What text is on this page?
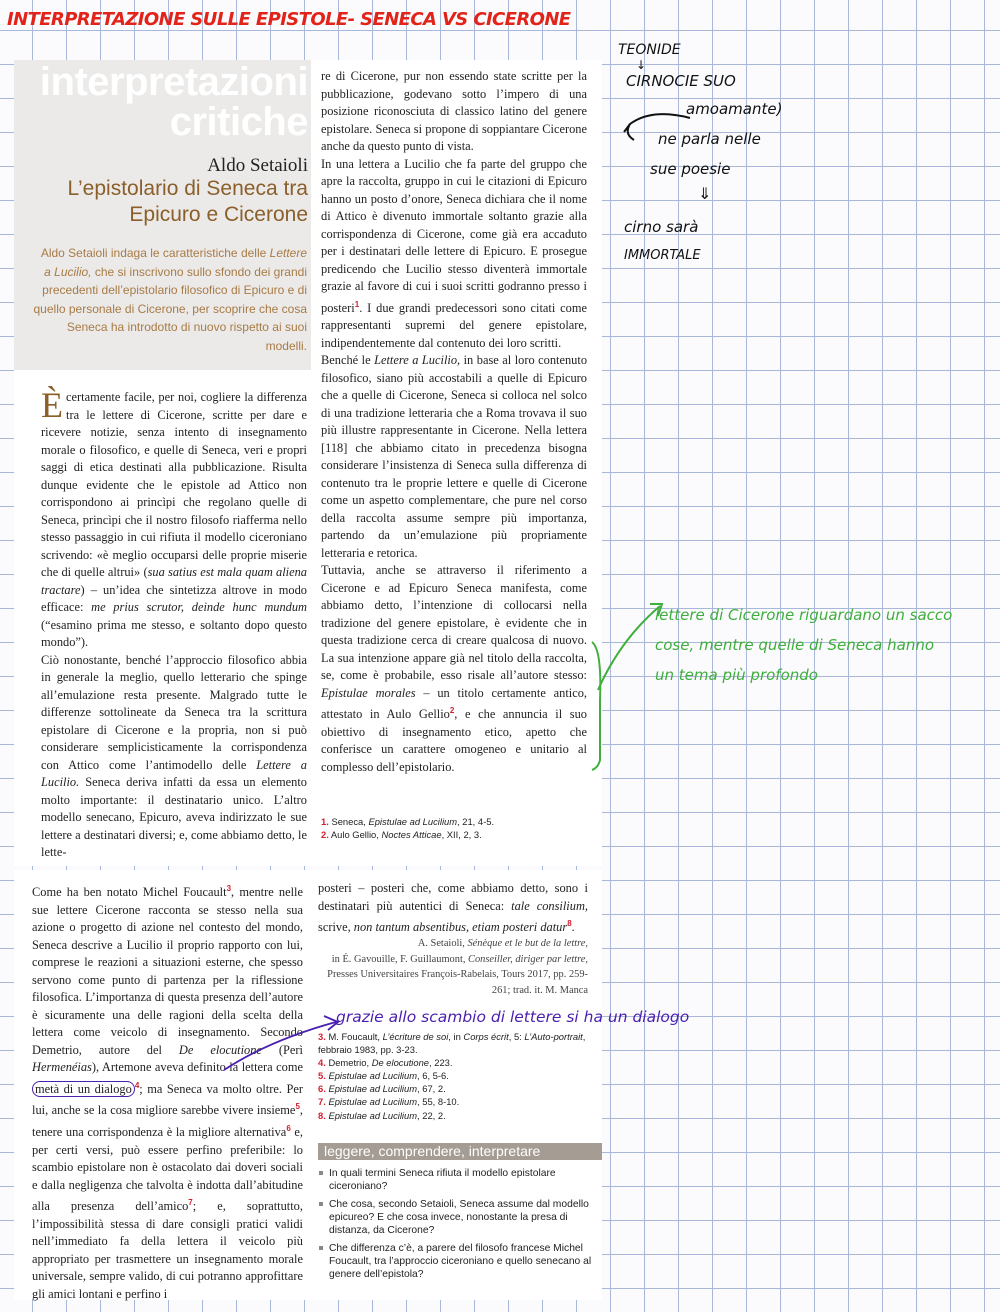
INTERPRETAZIONE SULLE EPISTOLE- SENECA VS CICERONE
interpretazioni
critiche
Aldo Setaioli
L’epistolario di Seneca tra
Epicuro e Cicerone
Aldo Setaioli indaga le caratteristiche delle Lettere a Lucilio, che si inscrivono sullo sfondo dei grandi precedenti dell’epistolario filosofico di Epicuro e di quello personale di Cicerone, per scoprire che cosa Seneca ha introdotto di nuovo rispetto ai suoi modelli.

Ècertamente facile, per noi, cogliere la differenza tra le lettere di Cicerone, scritte per dare e ricevere notizie, senza intento di insegnamento morale o filosofico, e quelle di Seneca, veri e propri saggi di etica destinati alla pubblicazione. Risulta dunque evidente che le epistole ad Attico non corrispondono ai princìpi che regolano quelle di Seneca, princìpi che il nostro filosofo riafferma nello stesso passaggio in cui rifiuta il modello ciceroniano scrivendo: «è meglio occuparsi delle proprie miserie che di quelle altrui» (sua satius est mala quam aliena tractare) – un’idea che sintetizza altrove in modo efficace: me prius scrutor, deinde hunc mundum (“esamino prima me stesso, e soltanto dopo questo mondo”).

Ciò nonostante, benché l’approccio filosofico abbia in generale la meglio, quello letterario che spinge all’emulazione resta presente. Malgrado tutte le differenze sottolineate da Seneca tra la scrittura epistolare di Cicerone e la propria, non si può considerare semplicisticamente la corrispondenza con Attico come l’antimodello delle Lettere a Lucilio. Seneca deriva infatti da essa un elemento molto importante: il destinatario unico. L’altro modello senecano, Epicuro, aveva indirizzato le sue lettere a destinatari diversi; e, come abbiamo detto, le lette-

re di Cicerone, pur non essendo state scritte per la pubblicazione, godevano sotto l’impero di una posizione riconosciuta di classico latino del genere epistolare. Seneca si propone di soppiantare Cicerone anche da questo punto di vista.

In una lettera a Lucilio che fa parte del gruppo che apre la raccolta, gruppo in cui le citazioni di Epicuro hanno un posto d’onore, Seneca dichiara che il nome di Attico è divenuto immortale soltanto grazie alla corrispondenza di Cicerone, come già era accaduto per i destinatari delle lettere di Epicuro. E prosegue predicendo che Lucilio stesso diventerà immortale grazie al favore di cui i suoi scritti godranno presso i posteri$^1$. I due grandi predecessori sono citati come rappresentanti supremi del genere epistolare, indipendentemente dal contenuto dei loro scritti.

Benché le Lettere a Lucilio, in base al loro contenuto filosofico, siano più accostabili a quelle di Epicuro che a quelle di Cicerone, Seneca si colloca nel solco di una tradizione letteraria che a Roma trovava il suo più illustre rappresentante in Cicerone. Nella lettera [118] che abbiamo citato in precedenza bisogna considerare l’insistenza di Seneca sulla differenza di contenuto tra le proprie lettere e quelle di Cicerone come un aspetto complementare, che pure nel corso della raccolta assume sempre più importanza, partendo da un’emulazione più propriamente letteraria e retorica.

Tuttavia, anche se attraverso il riferimento a Cicerone e ad Epicuro Seneca manifesta, come abbiamo detto, l’intenzione di collocarsi nella tradizione del genere epistolare, è evidente che in questa tradizione cerca di creare qualcosa di nuovo. La sua intenzione appare già nel titolo della raccolta, se, come è probabile, esso risale all’autore stesso: Epistulae morales – un titolo certamente antico, attestato in Aulo Gellio$^2$, e che annuncia il suo obiettivo di insegnamento etico, apetto che conferisce un carattere omogeneo e unitario al complesso dell’epistolario.

1. Seneca, Epistulae ad Lucilium, 21, 4-5.
2. Aulo Gellio, Noctes Atticae, XII, 2, 3.

Come ha ben notato Michel Foucault$^3$, mentre nelle sue lettere Cicerone racconta se stesso nella sua azione o progetto di azione nel contesto del mondo, Seneca descrive a Lucilio il proprio rapporto con lui, comprese le reazioni a situazioni esterne, che spesso servono come punto di partenza per la riflessione filosofica. L’importanza di questa presenza dell’autore è sicuramente una delle ragioni della scelta della lettera come veicolo di insegnamento. Secondo Demetrio, autore del De elocutione (Perì Hermenéias), Artemone aveva definito la lettera come metà di un dialogo $^4$; ma Seneca va molto oltre. Per lui, anche se la cosa migliore sarebbe vivere insieme$^5$, tenere una corrispondenza è la migliore alternativa$^6$ e, per certi versi, può essere perfino preferibile: lo scambio epistolare non è ostacolato dai doveri sociali e dalla negligenza che talvolta è indotta dall’abitudine alla presenza dell’amico$^7$; e, soprattutto, l’impossibilità stessa di dare consigli pratici validi nell’immediato fa della lettera il veicolo più appropriato per trasmettere un insegnamento morale universale, sempre valido, di cui potranno approfittare gli amici lontani e perfino i

posteri – posteri che, come abbiamo detto, sono i destinatari più autentici di Seneca: tale consilium, scrive, non tantum absentibus, etiam posteri datur$^8$.

A. Setaioli, Sénèque et le but de la lettre,
in É. Gavouille, F. Guillaumont, Conseiller, diriger par lettre, Presses Universitaires François-Rabelais, Tours 2017, pp. 259-261; trad. it. M. Manca
3. M. Foucault, L’écriture de soi, in Corps écrit, 5: L’Auto-portrait, febbraio 1983, pp. 3-23.
4. Demetrio, De elocutione, 223.
5. Epistulae ad Lucilium, 6, 5-6.
6. Epistulae ad Lucilium, 67, 2.
7. Epistulae ad Lucilium, 55, 8-10.
8. Epistulae ad Lucilium, 22, 2.
leggere, comprendere, interpretare
In quali termini Seneca rifiuta il modello epistolare ciceroniano?
Che cosa, secondo Setaioli, Seneca assume dal modello epicureo? E che cosa invece, nonostante la presa di distanza, da Cicerone?
Che differenza c’è, a parere del filosofo francese Michel Foucault, tra l’approccio ciceroniano e quello senecano al genere dell’epistola?
TEONIDE
↓
CIRNOCIE SUO
amoamante)
ne parla nelle
sue poesie
⇓
cirno sarà
IMMORTALE
lettere di Cicerone riguardano un sacco
cose, mentre quelle di Seneca hanno
un tema più profondo
grazie allo scambio di lettere si ha un dialogo
